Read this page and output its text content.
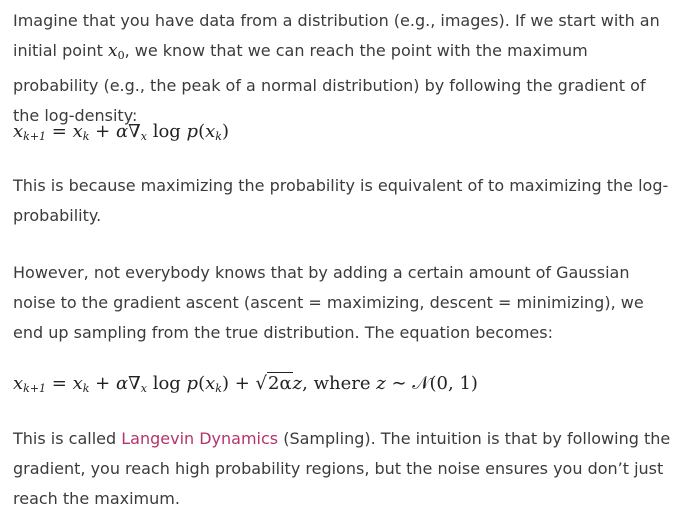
Imagine that you have data from a distribution (e.g., images). If we start with an initial point $x_0$, we know that we can reach the point with the maximum probability (e.g., the peak of a normal distribution) by following the gradient of the log-density:

$x_{k+1} = x_k + \alpha\nabla_x$ $\log p(x_k)$

This is because maximizing the probability is equivalent of to maximizing the log-probability.

However, not everybody knows that by adding a certain amount of Gaussian noise to the gradient ascent (ascent = maximizing, descent = minimizing), we end up sampling from the true distribution. The equation becomes:

$x_{k+1} = x_k + \alpha\nabla_x$ $\log p(x_k) + √2\alpha z$, where z ∼ 𝒩(0, 1)

This is called Langevin Dynamics (Sampling). The intuition is that by following the gradient, you reach high probability regions, but the noise ensures you don’t just reach the maximum.
